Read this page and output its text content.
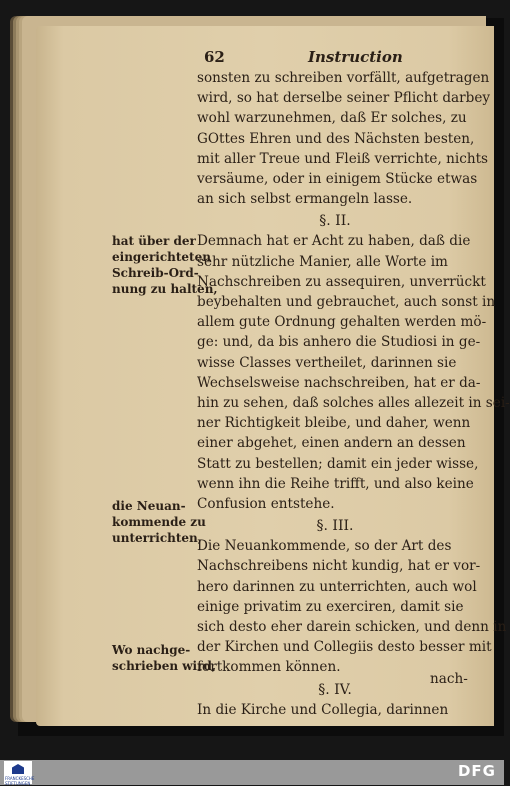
62	Instruction

sonsten zu schreiben vorfällt, aufgetragen
wird, so hat derselbe seiner Pflicht darbey
wohl warzunehmen, daß Er solches, zu
GOttes Ehren und des Nächsten besten,
mit aller Treue und Fleiß verrichte, nichts
versäume, oder in einigem Stücke etwas
an sich selbst ermangeln lasse.

§. II.

Demnach hat er Acht zu haben, daß die
sehr nützliche Manier, alle Worte im
Nachschreiben zu assequiren, unverrückt
beybehalten und gebrauchet, auch sonst in
allem gute Ordnung gehalten werden mö-
ge: und, da bis anhero die Studiosi in ge-
wisse Classes vertheilet, darinnen sie
Wechselsweise nachschreiben, hat er da-
hin zu sehen, daß solches alles allezeit in sei-
ner Richtigkeit bleibe, und daher, wenn
einer abgehet, einen andern an dessen
Statt zu bestellen; damit ein jeder wisse,
wenn ihn die Reihe trifft, und also keine
Confusion entstehe.

§. III.

Die Neuankommende, so der Art des
Nachschreibens nicht kundig, hat er vor-
hero darinnen zu unterrichten, auch wol
einige privatim zu exerciren, damit sie
sich desto eher darein schicken, und denn in
der Kirchen und Collegiis desto besser mit
fortkommen können.

§. IV.

In die Kirche und Collegia, darinnen

hat über der
eingerichteten
Schreib-Ord-
nung zu halten,
die Neuan-
kommende zu
unterrichten,
Wo nachge-
schrieben wird,
nach-
FRANCKESCHE STIFTUNGEN
DFG
